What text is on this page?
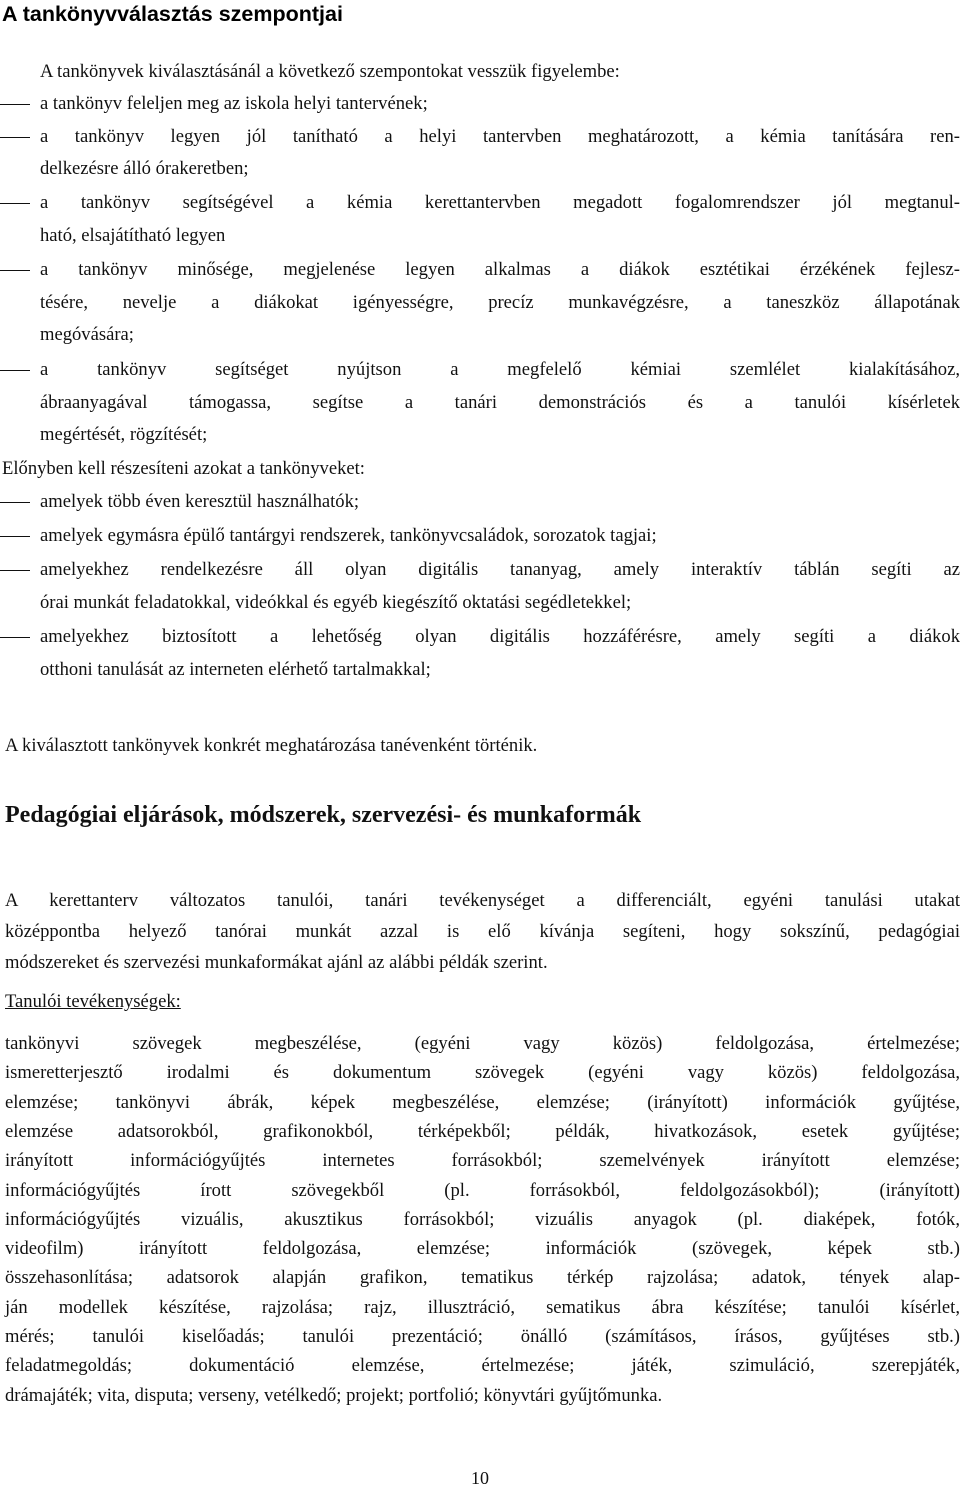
A tankönyvválasztás szempontjai
A tankönyvek kiválasztásánál a következő szempontokat vesszük figyelembe:
a tankönyv feleljen meg az iskola helyi tantervének;
a tankönyv legyen jól tanítható a helyi tantervben meghatározott, a kémia tanítására ren-
delkezésre álló órakeretben;
a tankönyv segítségével a kémia kerettantervben megadott fogalomrendszer jól megtanul-
ható, elsajátítható legyen
a tankönyv minősége, megjelenése legyen alkalmas a diákok esztétikai érzékének fejlesz-
tésére, nevelje a diákokat igényességre, precíz munkavégzésre, a taneszköz állapotának
megóvására;
a tankönyv segítséget nyújtson a megfelelő kémiai szemlélet kialakításához,
ábraanyagával támogassa, segítse a tanári demonstrációs és a tanulói kísérletek
megértését, rögzítését;
Előnyben kell részesíteni azokat a tankönyveket:
amelyek több éven keresztül használhatók;
amelyek egymásra épülő tantárgyi rendszerek, tankönyvcsaládok, sorozatok tagjai;
amelyekhez rendelkezésre áll olyan digitális tananyag, amely interaktív táblán segíti az
órai munkát feladatokkal, videókkal és egyéb kiegészítő oktatási segédletekkel;
amelyekhez biztosított a lehetőség olyan digitális hozzáférésre, amely segíti a diákok
otthoni tanulását az interneten elérhető tartalmakkal;
A kiválasztott tankönyvek konkrét meghatározása tanévenként történik.
Pedagógiai eljárások, módszerek, szervezési- és munkaformák
A kerettanterv változatos tanulói, tanári tevékenységet a differenciált, egyéni tanulási utakat
középpontba helyező tanórai munkát azzal is elő kívánja segíteni, hogy sokszínű, pedagógiai
módszereket és szervezési munkaformákat ajánl az alábbi példák szerint.
Tanulói tevékenységek:
tankönyvi szövegek megbeszélése, (egyéni vagy közös) feldolgozása, értelmezése;
ismeretterjesztő irodalmi és dokumentum szövegek (egyéni vagy közös) feldolgozása,
elemzése; tankönyvi ábrák, képek megbeszélése, elemzése; (irányított) információk gyűjtése,
elemzése adatsorokból, grafikonokból, térképekből; példák, hivatkozások, esetek gyűjtése;
irányított információgyűjtés internetes forrásokból; szemelvények irányított elemzése;
információgyűjtés írott szövegekből (pl. forrásokból, feldolgozásokból); (irányított)
információgyűjtés vizuális, akusztikus forrásokból; vizuális anyagok (pl. diaképek, fotók,
videofilm) irányított feldolgozása, elemzése; információk (szövegek, képek stb.)
összehasonlítása; adatsorok alapján grafikon, tematikus térkép rajzolása; adatok, tények alap-
ján modellek készítése, rajzolása; rajz, illusztráció, sematikus ábra készítése; tanulói kísérlet,
mérés; tanulói kiselőadás; tanulói prezentáció; önálló (számításos, írásos, gyűjtéses stb.)
feladatmegoldás; dokumentáció elemzése, értelmezése; játék, szimuláció, szerepjáték,
drámajáték; vita, disputa; verseny, vetélkedő; projekt; portfolió; könyvtári gyűjtőmunka.
10
